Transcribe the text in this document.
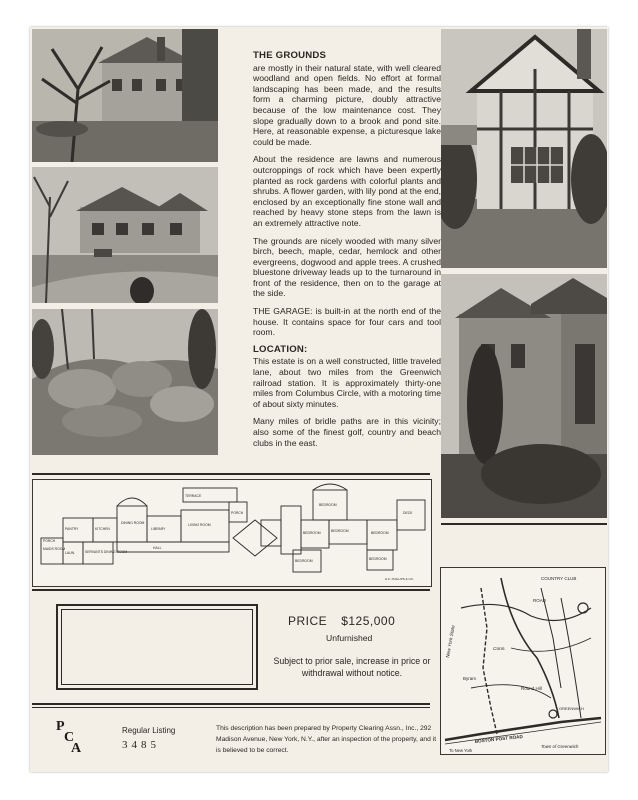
THE GROUNDS

are mostly in their natural state, with well cleared woodland and open fields. No effort at formal landscaping has been made, and the results form a charming picture, doubly attractive because of the low maintenance cost. They slope gradually down to a brook and pond site. Here, at reasonable expense, a picturesque lake could be made.

About the residence are lawns and numerous outcroppings of rock which have been expertly planted as rock gardens with colorful plants and shrubs. A flower garden, with lily pond at the end, enclosed by an exceptionally fine stone wall and reached by heavy stone steps from the lawn is an extremely attractive note.

The grounds are nicely wooded with many silver birch, beech, maple, cedar, hemlock and other evergreens, dogwood and apple trees. A crushed bluestone driveway leads up to the turnaround in front of the residence, then on to the garage at the side.

THE GARAGE: is built-in at the north end of the house. It contains space for four cars and tool room.

LOCATION:

This estate is on a well constructed, little traveled lane, about two miles from the Greenwich railroad station. It is approximately thirty-one miles from Columbus Circle, with a motoring time of about sixty minutes.

Many miles of bridle paths are in this vicinity; also some of the finest golf, country and beach clubs in the east.

TERRACE
PORCH
DINING ROOM
LIBRARY
LIVING ROOM
HALL
KITCHEN
PANTRY
SERVANTS DINING ROOM
MAIDS ROOM
LAUN.
PORCH
BEDROOM
BEDROOM	BEDROOM	BEDROOM
BEDROOM	BEDROOM
DECK
H.K. PHILLIPS & CO.
PRICE $125,000
Unfurnished
Subject to prior sale, increase in price or withdrawal without notice.
P
C
A
Regular Listing
3485
This description has been prepared by Property Clearing Assn., Inc., 292 Madison Avenue, New York, N.Y., after an inspection of the property, and it is believed to be correct.
COUNTRY CLUB
ROAD
New York State	Conn.
Byram
Round Hill
BOSTON POST ROAD
To New York
Town of Greenwich
GREENWICH
